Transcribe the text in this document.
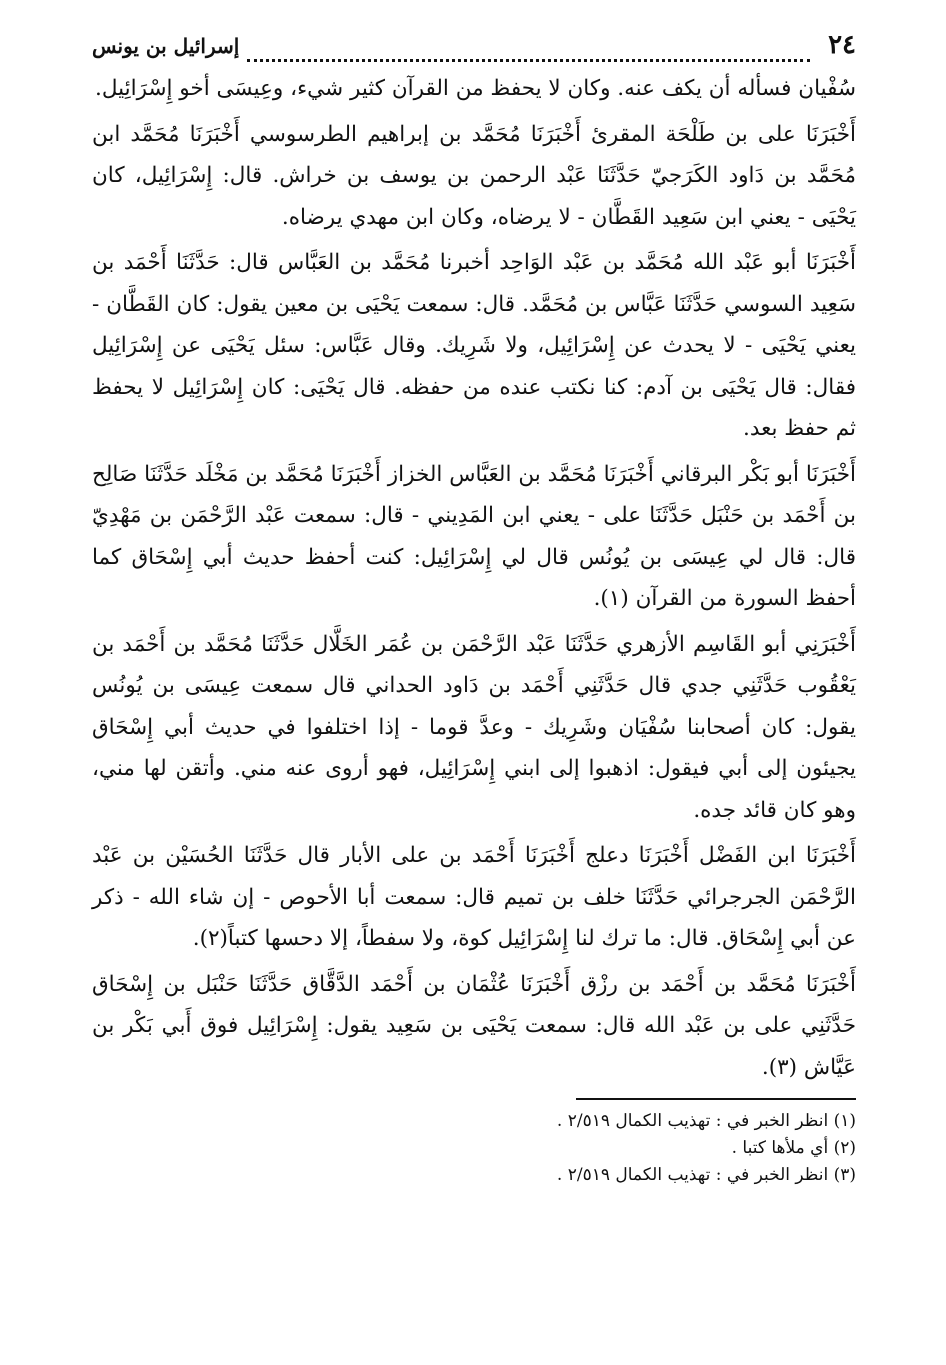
٢٤
إسرائيل بن يونس

سُفْيان فسأله أن يكف عنه. وكان لا يحفظ من القرآن كثير شيء، وعِيسَى أخو إِسْرَائِيل.

أَخْبَرَنَا على بن طَلْحَة المقرئ أَخْبَرَنَا مُحَمَّد بن إبراهيم الطرسوسي أَخْبَرَنَا مُحَمَّد ابن مُحَمَّد بن دَاود الكَرَجيّ حَدَّثَنَا عَبْد الرحمن بن يوسف بن خراش. قال: إِسْرَائِيل، كان يَحْيَى - يعني ابن سَعِيد القَطَّان - لا يرضاه، وكان ابن مهدي يرضاه.

أَخْبَرَنَا أبو عَبْد الله مُحَمَّد بن عَبْد الوَاحِد أخبرنا مُحَمَّد بن العَبَّاس قال: حَدَّثَنَا أَحْمَد بن سَعِيد السوسي حَدَّثَنَا عَبَّاس بن مُحَمَّد. قال: سمعت يَحْيَى بن معين يقول: كان القَطَّان - يعني يَحْيَى - لا يحدث عن إِسْرَائِيل، ولا شَرِيك. وقال عَبَّاس: سئل يَحْيَى عن إِسْرَائِيل فقال: قال يَحْيَى بن آدم: كنا نكتب عنده من حفظه. قال يَحْيَى: كان إِسْرَائِيل لا يحفظ ثم حفظ بعد.

أَخْبَرَنَا أبو بَكْر البرقاني أَخْبَرَنَا مُحَمَّد بن العَبَّاس الخزاز أَخْبَرَنَا مُحَمَّد بن مَخْلَد حَدَّثَنَا صَالِح بن أَحْمَد بن حَنْبَل حَدَّثَنَا على - يعني ابن المَدِيني - قال: سمعت عَبْد الرَّحْمَن بن مَهْدِيّ قال: قال لي عِيسَى بن يُونُس قال لي إِسْرَائِيل: كنت أحفظ حديث أبي إِسْحَاق كما أحفظ السورة من القرآن (١).

أَخْبَرَنِي أبو القَاسِم الأزهري حَدَّثَنَا عَبْد الرَّحْمَن بن عُمَر الخَلَّال حَدَّثَنَا مُحَمَّد بن أَحْمَد بن يَعْقُوب حَدَّثَنِي جدي قال حَدَّثَنِي أَحْمَد بن دَاود الحداني قال سمعت عِيسَى بن يُونُس يقول: كان أصحابنا سُفْيَان وشَرِيك - وعدَّ قوما - إذا اختلفوا في حديث أبي إِسْحَاق يجيئون إلى أبي فيقول: اذهبوا إلى ابني إِسْرَائِيل، فهو أروى عنه مني. وأتقن لها مني، وهو كان قائد جده.

أَخْبَرَنَا ابن الفَضْل أَخْبَرَنَا دعلج أَخْبَرَنَا أَحْمَد بن على الأبار قال حَدَّثَنَا الحُسَيْن بن عَبْد الرَّحْمَن الجرجرائي حَدَّثَنَا خلف بن تميم قال: سمعت أبا الأحوص - إن شاء الله - ذكر عن أبي إِسْحَاق. قال: ما ترك لنا إِسْرَائِيل كوة، ولا سفطاً، إلا دحسها كتباً(٢).

أَخْبَرَنَا مُحَمَّد بن أَحْمَد بن رزْق أَخْبَرَنَا عُثْمَان بن أَحْمَد الدَّقَّاق حَدَّثَنَا حَنْبَل بن إِسْحَاق حَدَّثَنِي على بن عَبْد الله قال: سمعت يَحْيَى بن سَعِيد يقول: إِسْرَائِيل فوق أَبي بَكْر بن عَيَّاش (٣).

(١) انظر الخبر في : تهذيب الكمال ٢/٥١٩ .
(٢) أي ملأها كتبا .
(٣) انظر الخبر في : تهذيب الكمال ٢/٥١٩ .
